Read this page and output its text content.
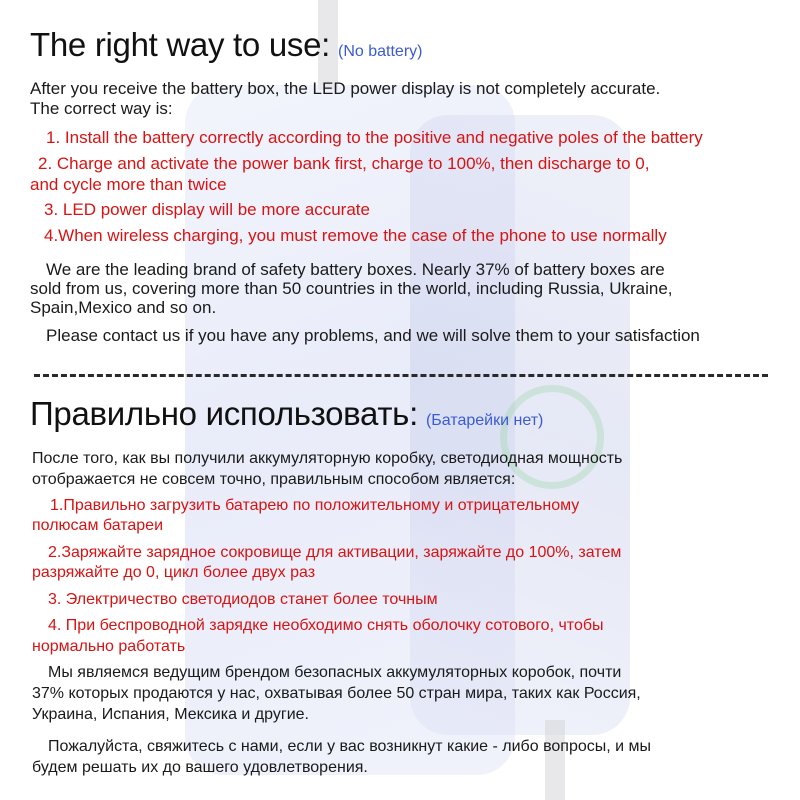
The right way to use: (No battery)

After you receive the battery box, the LED power display is not completely accurate.

The correct way is:

1. Install the battery correctly according to the positive and negative poles of the battery

2. Charge and activate the power bank first, charge to 100%, then discharge to 0,

and cycle more than twice

3. LED power display will be more accurate

4.When wireless charging, you must remove the case of the phone to use normally

We are the leading brand of safety battery boxes. Nearly 37% of battery boxes are

sold from us, covering more than 50 countries in the world, including Russia, Ukraine,

Spain,Mexico and so on.

Please contact us if you have any problems, and we will solve them to your satisfaction

Правильно использовать: (Батарейки нет)

После того, как вы получили аккумуляторную коробку, светодиодная мощность

отображается не совсем точно, правильным способом является:

1.Правильно загрузить батарею по положительному и отрицательному

полюсам батареи

2.Заряжайте зарядное сокровище для активации, заряжайте до 100%, затем

разряжайте до 0, цикл более двух раз

3. Электричество светодиодов станет более точным

4. При беспроводной зарядке необходимо снять оболочку сотового, чтобы

нормально работать

Мы являемся ведущим брендом безопасных аккумуляторных коробок, почти

37% которых продаются у нас, охватывая более 50 стран мира, таких как Россия,

Украина, Испания, Мексика и другие.

Пожалуйста, свяжитесь с нами, если у вас возникнут какие - либо вопросы, и мы

будем решать их до вашего удовлетворения.
